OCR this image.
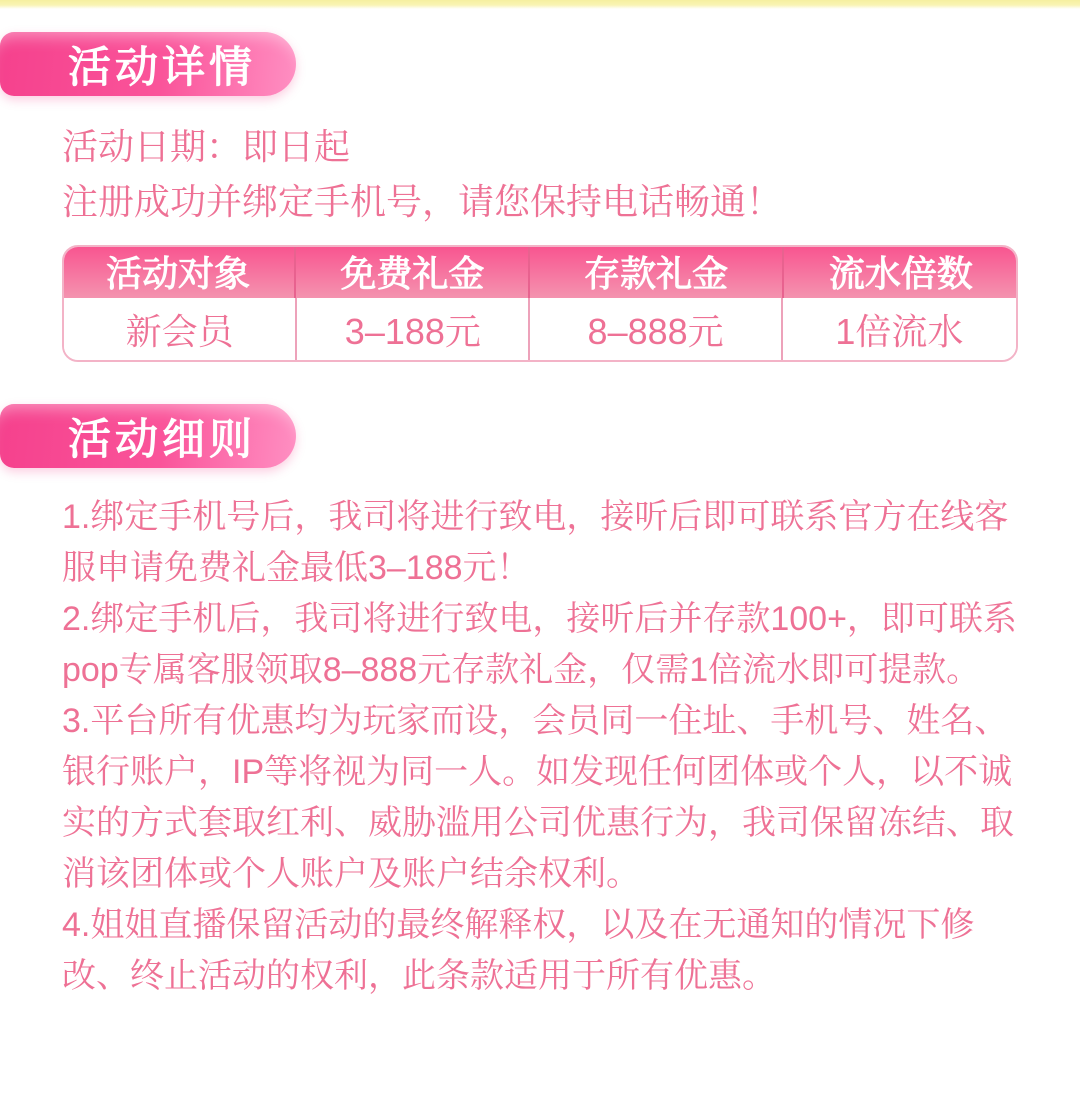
活动详情
活动日期：即日起
注册成功并绑定手机号，请您保持电话畅通！
活动对象	免费礼金	存款礼金	流水倍数
新会员	3–188元	8–888元	1倍流水
活动细则

1.绑定手机号后，我司将进行致电，接听后即可联系官方在线客服申请免费礼金最低3–188元！

2.绑定手机后，我司将进行致电，接听后并存款100+，即可联系pop专属客服领取8–888元存款礼金，仅需1倍流水即可提款。

3.平台所有优惠均为玩家而设，会员同一住址、手机号、姓名、银行账户，IP等将视为同一人。如发现任何团体或个人，以不诚实的方式套取红利、威胁滥用公司优惠行为，我司保留冻结、取消该团体或个人账户及账户结余权利。

4.姐姐直播保留活动的最终解释权，以及在无通知的情况下修改、终止活动的权利，此条款适用于所有优惠。
